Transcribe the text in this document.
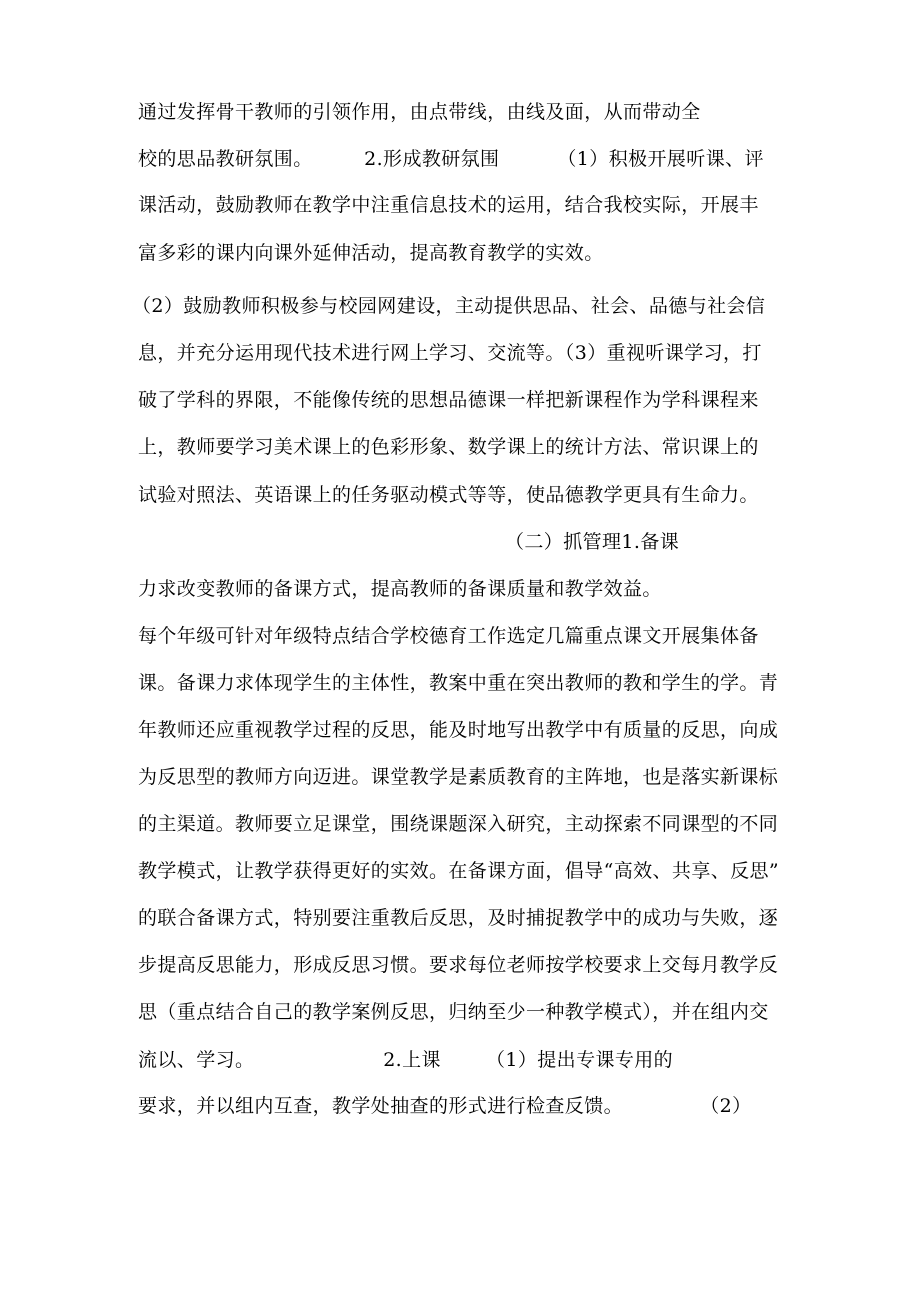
通过发挥骨干教师的引领作用，由点带线，由线及面，从而带动全
校的思品教研氛围。        2.形成教研氛围         （1）积极开展听课、评
课活动，鼓励教师在教学中注重信息技术的运用，结合我校实际，开展丰
富多彩的课内向课外延伸活动，提高教育教学的实效。
（2）鼓励教师积极参与校园网建设，主动提供思品、社会、品德与社会信
息，并充分运用现代技术进行网上学习、交流等。（3）重视听课学习，打
破了学科的界限，不能像传统的思想品德课一样把新课程作为学科课程来
上，教师要学习美术课上的色彩形象、数学课上的统计方法、常识课上的
试验对照法、英语课上的任务驱动模式等等，使品德教学更具有生命力。
（二）抓管理1.备课
力求改变教师的备课方式，提高教师的备课质量和教学效益。
每个年级可针对年级特点结合学校德育工作选定几篇重点课文开展集体备
课。备课力求体现学生的主体性，教案中重在突出教师的教和学生的学。青
年教师还应重视教学过程的反思，能及时地写出教学中有质量的反思，向成
为反思型的教师方向迈进。课堂教学是素质教育的主阵地，也是落实新课标
的主渠道。教师要立足课堂，围绕课题深入研究，主动探索不同课型的不同
教学模式，让教学获得更好的实效。在备课方面，倡导“高效、共享、反思”
的联合备课方式，特别要注重教后反思，及时捕捉教学中的成功与失败，逐
步提高反思能力，形成反思习惯。要求每位老师按学校要求上交每月教学反
思（重点结合自己的教学案例反思，归纳至少一种教学模式），并在组内交
流以、学习。                    2.上课       （1）提出专课专用的
要求，并以组内互查，教学处抽查的形式进行检查反馈。            （2）
